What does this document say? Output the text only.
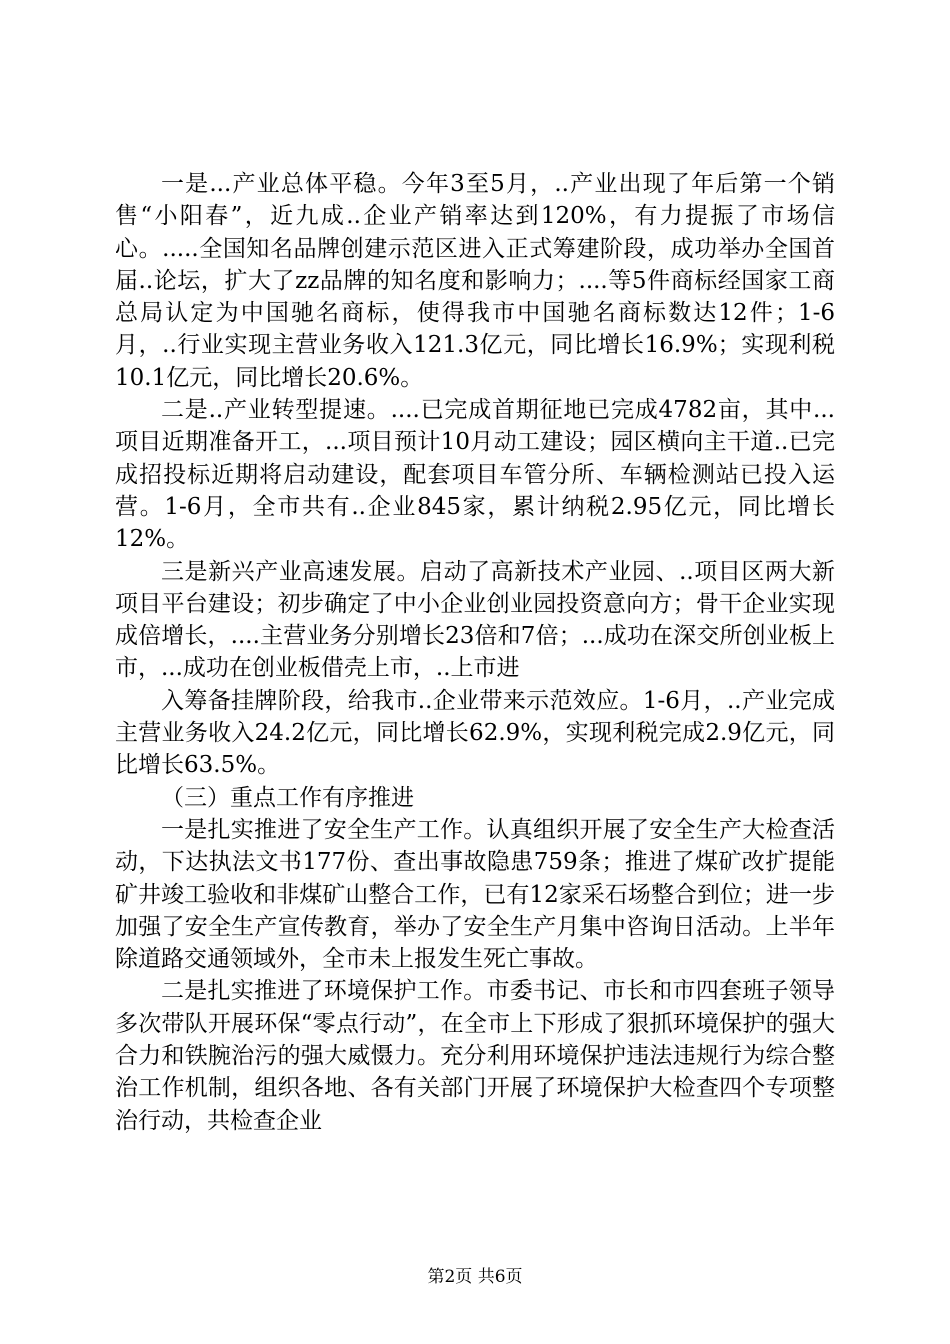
一是...产业总体平稳。今年3至5月，..产业出现了年后第一个销售“小阳春”，近九成..企业产销率达到120%，有力提振了市场信心。.....全国知名品牌创建示范区进入正式筹建阶段，成功举办全国首届..论坛，扩大了zz品牌的知名度和影响力；....等5件商标经国家工商总局认定为中国驰名商标，使得我市中国驰名商标数达12件；1-6月，..行业实现主营业务收入121.3亿元，同比增长16.9%；实现利税10.1亿元，同比增长20.6%。

二是..产业转型提速。....已完成首期征地已完成4782亩，其中...项目近期准备开工，...项目预计10月动工建设；园区横向主干道..已完成招投标近期将启动建设，配套项目车管分所、车辆检测站已投入运营。1-6月，全市共有..企业845家，累计纳税2.95亿元，同比增长12%。

三是新兴产业高速发展。启动了高新技术产业园、..项目区两大新项目平台建设；初步确定了中小企业创业园投资意向方；骨干企业实现成倍增长，....主营业务分别增长23倍和7倍；...成功在深交所创业板上市，...成功在创业板借壳上市，..上市进

入筹备挂牌阶段，给我市..企业带来示范效应。1-6月，..产业完成主营业务收入24.2亿元，同比增长62.9%，实现利税完成2.9亿元，同比增长63.5%。

（三）重点工作有序推进

一是扎实推进了安全生产工作。认真组织开展了安全生产大检查活动，下达执法文书177份、查出事故隐患759条；推进了煤矿改扩提能矿井竣工验收和非煤矿山整合工作，已有12家采石场整合到位；进一步加强了安全生产宣传教育，举办了安全生产月集中咨询日活动。上半年除道路交通领域外，全市未上报发生死亡事故。

二是扎实推进了环境保护工作。市委书记、市长和市四套班子领导多次带队开展环保“零点行动”，在全市上下形成了狠抓环境保护的强大合力和铁腕治污的强大威慑力。充分利用环境保护违法违规行为综合整治工作机制，组织各地、各有关部门开展了环境保护大检查四个专项整治行动，共检查企业

第2页 共6页
